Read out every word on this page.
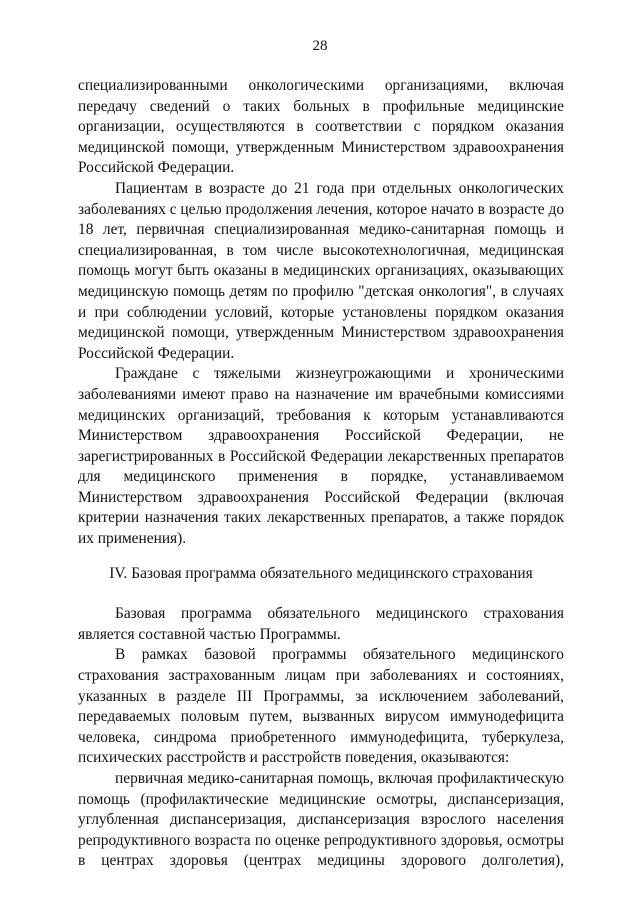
28

специализированными онкологическими организациями, включая передачу сведений о таких больных в профильные медицинские организации, осуществляются в соответствии с порядком оказания медицинской помощи, утвержденным Министерством здравоохранения Российской Федерации.

Пациентам в возрасте до 21 года при отдельных онкологических заболеваниях с целью продолжения лечения, которое начато в возрасте до 18 лет, первичная специализированная медико-санитарная помощь и специализированная, в том числе высокотехнологичная, медицинская помощь могут быть оказаны в медицинских организациях, оказывающих медицинскую помощь детям по профилю "детская онкология", в случаях и при соблюдении условий, которые установлены порядком оказания медицинской помощи, утвержденным Министерством здравоохранения Российской Федерации.

Граждане с тяжелыми жизнеугрожающими и хроническими заболеваниями имеют право на назначение им врачебными комиссиями медицинских организаций, требования к которым устанавливаются Министерством здравоохранения Российской Федерации, не зарегистрированных в Российской Федерации лекарственных препаратов для медицинского применения в порядке, устанавливаемом Министерством здравоохранения Российской Федерации (включая критерии назначения таких лекарственных препаратов, а также порядок их применения).

IV. Базовая программа обязательного медицинского страхования

Базовая программа обязательного медицинского страхования является составной частью Программы.

В рамках базовой программы обязательного медицинского страхования застрахованным лицам при заболеваниях и состояниях, указанных в разделе III Программы, за исключением заболеваний, передаваемых половым путем, вызванных вирусом иммунодефицита человека, синдрома приобретенного иммунодефицита, туберкулеза, психических расстройств и расстройств поведения, оказываются:

первичная медико-санитарная помощь, включая профилактическую помощь (профилактические медицинские осмотры, диспансеризация, углубленная диспансеризация, диспансеризация взрослого населения репродуктивного возраста по оценке репродуктивного здоровья, осмотры в центрах здоровья (центрах медицины здорового долголетия),
